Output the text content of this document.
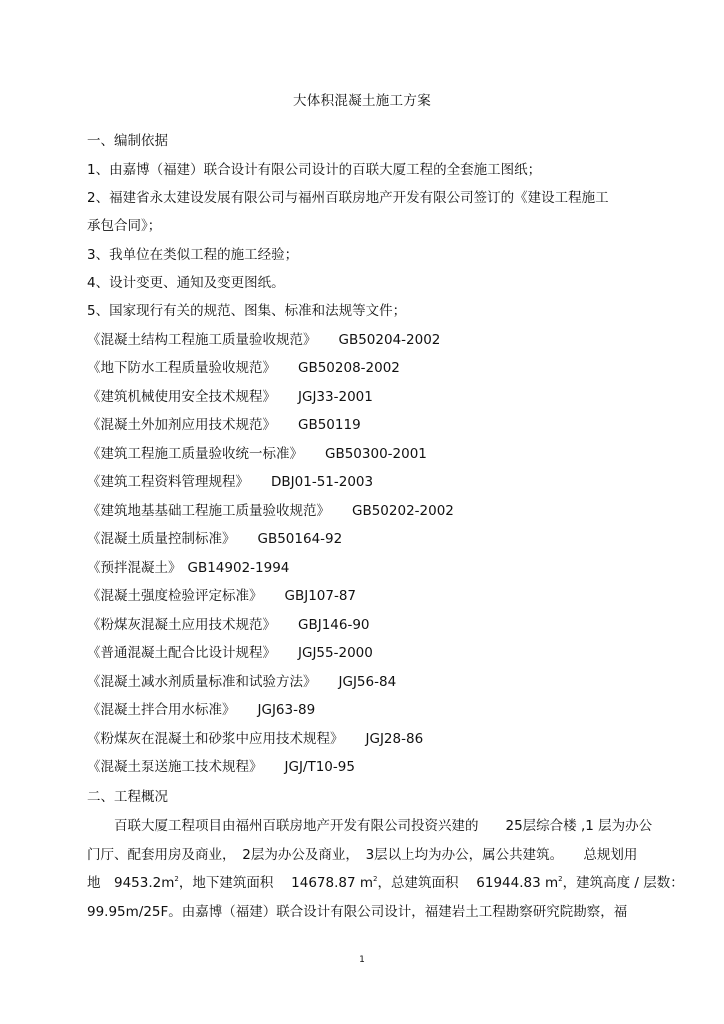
大体积混凝土施工方案
一、编制依据
1、由嘉博（福建）联合设计有限公司设计的百联大厦工程的全套施工图纸；
2、福建省永太建设发展有限公司与福州百联房地产开发有限公司签订的《建设工程施工
承包合同》；
3、我单位在类似工程的施工经验；
4、设计变更、通知及变更图纸。
5、国家现行有关的规范、图集、标准和法规等文件；
《混凝土结构工程施工质量验收规范》 GB50204-2002
《地下防水工程质量验收规范》 GB50208-2002
《建筑机械使用安全技术规程》 JGJ33-2001
《混凝土外加剂应用技术规范》 GB50119
《建筑工程施工质量验收统一标准》 GB50300-2001
《建筑工程资料管理规程》 DBJ01-51-2003
《建筑地基基础工程施工质量验收规范》 GB50202-2002
《混凝土质量控制标准》 GB50164-92
《预拌混凝土》 GB14902-1994
《混凝土强度检验评定标准》 GBJ107-87
《粉煤灰混凝土应用技术规范》 GBJ146-90
《普通混凝土配合比设计规程》 JGJ55-2000
《混凝土减水剂质量标准和试验方法》 JGJ56-84
《混凝土拌合用水标准》 JGJ63-89
《粉煤灰在混凝土和砂浆中应用技术规程》 JGJ28-86
《混凝土泵送施工技术规程》 JGJ/T10-95
二、工程概况
　　百联大厦工程项目由福州百联房地产开发有限公司投资兴建的　　25层综合楼 ,1 层为办公
门厅、配套用房及商业，　2层为办公及商业，　3层以上均为办公，属公共建筑。　　总规划用
地　$9453.2m^2$，地下建筑面积　 14678.87 $m^2$，总建筑面积　 61944.83 $m^2$，建筑高度 / 层数：
99.95m/25F。由嘉博（福建）联合设计有限公司设计，福建岩土工程勘察研究院勘察，福
1
